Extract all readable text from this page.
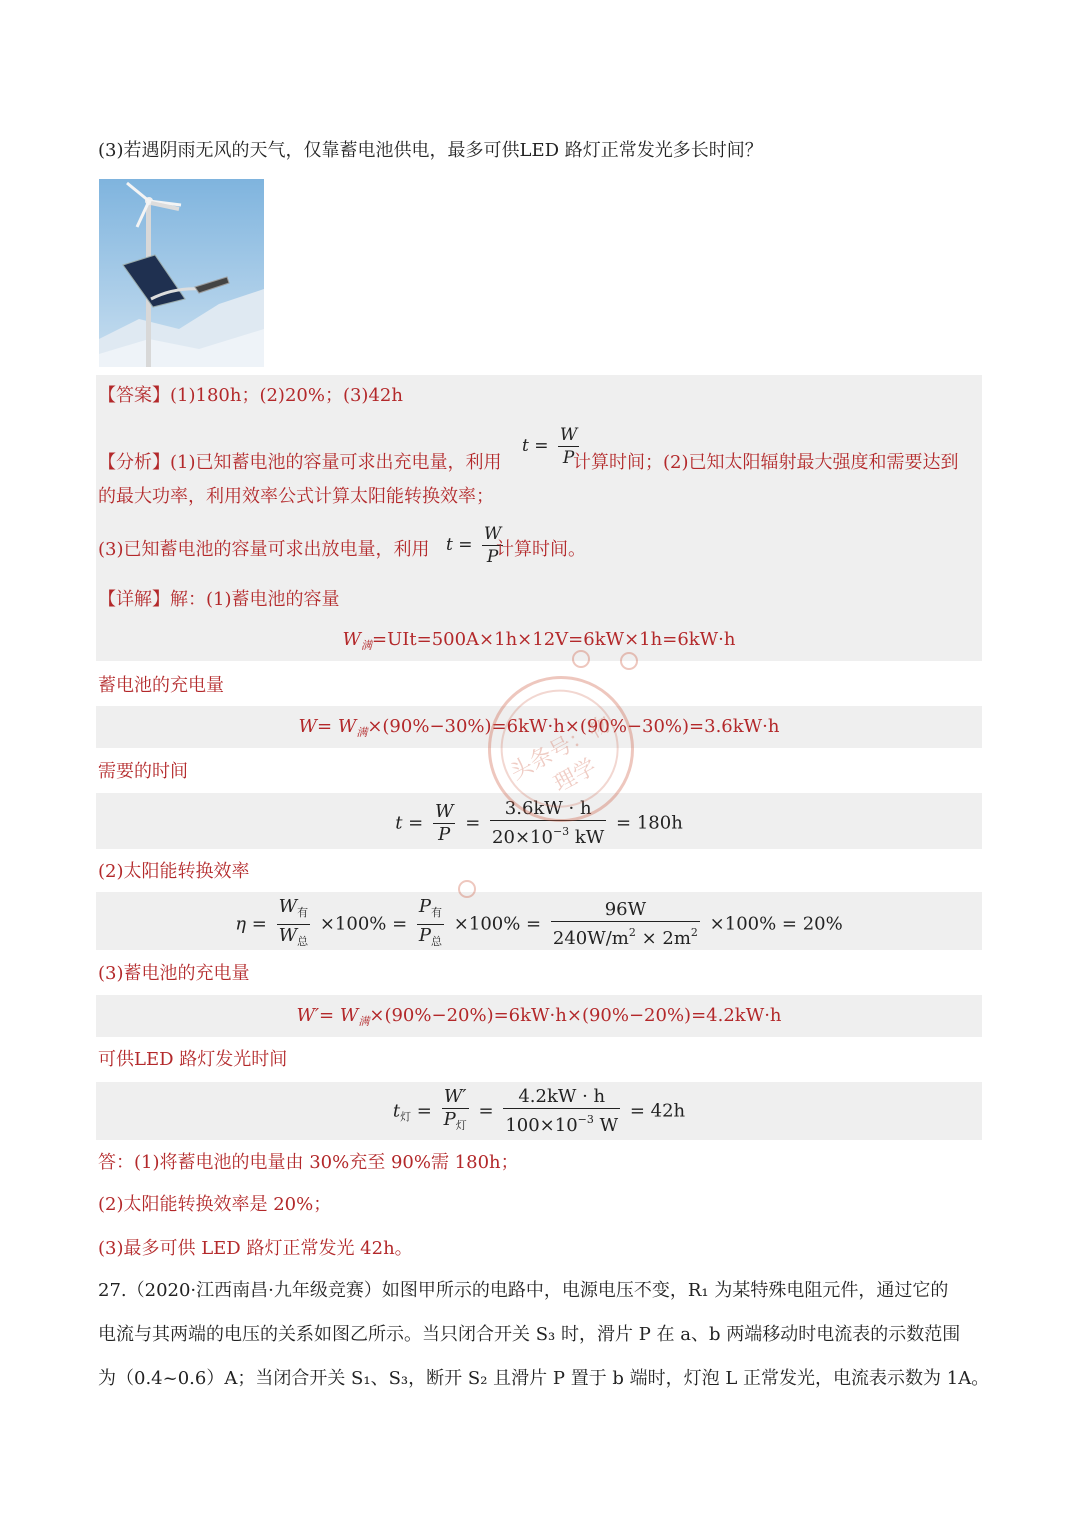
(3)若遇阴雨无风的天气，仅靠蓄电池供电，最多可供LED 路灯正常发光多长时间？
【答案】(1)180h；(2)20%；(3)42h
【分析】(1)已知蓄电池的容量可求出充电量，利用
$t = \frac{W}{P}$
计算时间；(2)已知太阳辐射最大强度和需要达到
的最大功率，利用效率公式计算太阳能转换效率；
(3)已知蓄电池的容量可求出放电量，利用 $t = \frac{W}{P}$
计算时间。
【详解】解：(1)蓄电池的容量
$W_满=UIt=500A\times 1h\times 12V=6kW\times 1h=6kW\cdot h$
蓄电池的充电量
$W= W_满\times(90\%-30\%)=6kW\cdot h\times(90\%-30\%)=3.6kW\cdot h$
需要的时间
$t = \frac{W}{P} = \frac{3.6kW \cdot h}{20\times 10^{-3} kW} = 180h$
(2)太阳能转换效率
$\eta = \frac{W_有}{W_总} \times 100\% = \frac{P_有}{P_总} \times 100\% = \frac{96W}{240W/m^2 \times 2m^2} \times 100\% = 20\%$
(3)蓄电池的充电量
$W'= W_满\times(90\%-20\%)=6kW\cdot h\times(90\%-20\%)=4.2kW\cdot h$
可供LED 路灯发光时间
$t_灯 = \frac{W'}{P_灯} = \frac{4.2kW \cdot h}{100\times 10^{-3} W} = 42h$
答：(1)将蓄电池的电量由 30%充至 90%需 180h；
(2)太阳能转换效率是 20%；
(3)最多可供 LED 路灯正常发光 42h。
27.（2020·江西南昌·九年级竞赛）如图甲所示的电路中，电源电压不变，R₁ 为某特殊电阻元件，通过它的
电流与其两端的电压的关系如图乙所示。当只闭合开关 S₃ 时，滑片 P 在 a、b 两端移动时电流表的示数范围
为（0.4~0.6）A；当闭合开关 S₁、S₃，断开 S₂ 且滑片 P 置于 b 端时，灯泡 L 正常发光，电流表示数为 1A。
头条号：物理学
